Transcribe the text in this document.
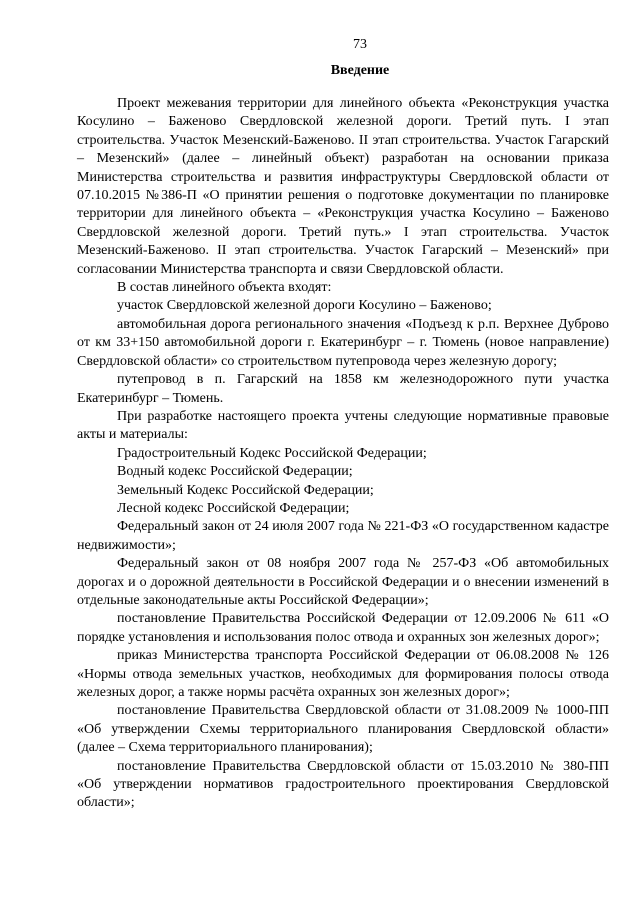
73
Введение

Проект межевания территории для линейного объекта «Реконструкция участка Косулино – Баженово Свердловской железной дороги. Третий путь. I этап строительства. Участок Мезенский-Баженово. II этап строительства. Участок Гагарский – Мезенский» (далее – линейный объект) разработан на основании приказа Министерства строительства и развития инфраструктуры Свердловской области от 07.10.2015 №386-П «О принятии решения о подготовке документации по планировке территории для линейного объекта – «Реконструкция участка Косулино – Баженово Свердловской железной дороги. Третий путь.» I этап строительства. Участок Мезенский-Баженово. II этап строительства. Участок Гагарский – Мезенский» при согласовании Министерства транспорта и связи Свердловской области.

В состав линейного объекта входят:

участок Свердловской железной дороги Косулино – Баженово;

автомобильная дорога регионального значения «Подъезд к р.п. Верхнее Дуброво от км 33+150 автомобильной дороги г. Екатеринбург – г. Тюмень (новое направление) Свердловской области» со строительством путепровода через железную дорогу;

путепровод в п. Гагарский на 1858 км железнодорожного пути участка Екатеринбург – Тюмень.

При разработке настоящего проекта учтены следующие нормативные правовые акты и материалы:

Градостроительный Кодекс Российской Федерации;

Водный кодекс Российской Федерации;

Земельный Кодекс Российской Федерации;

Лесной кодекс Российской Федерации;

Федеральный закон от 24 июля 2007 года № 221-ФЗ «О государственном кадастре недвижимости»;

Федеральный закон от 08 ноября 2007 года № 257-ФЗ «Об автомобильных дорогах и о дорожной деятельности в Российской Федерации и о внесении изменений в отдельные законодательные акты Российской Федерации»;

постановление Правительства Российской Федерации от 12.09.2006 № 611 «О порядке установления и использования полос отвода и охранных зон железных дорог»;

приказ Министерства транспорта Российской Федерации от 06.08.2008 № 126 «Нормы отвода земельных участков, необходимых для формирования полосы отвода железных дорог, а также нормы расчёта охранных зон железных дорог»;

постановление Правительства Свердловской области от 31.08.2009 № 1000-ПП «Об утверждении Схемы территориального планирования Свердловской области» (далее – Схема территориального планирования);

постановление Правительства Свердловской области от 15.03.2010 № 380-ПП «Об утверждении нормативов градостроительного проектирования Свердловской области»;
